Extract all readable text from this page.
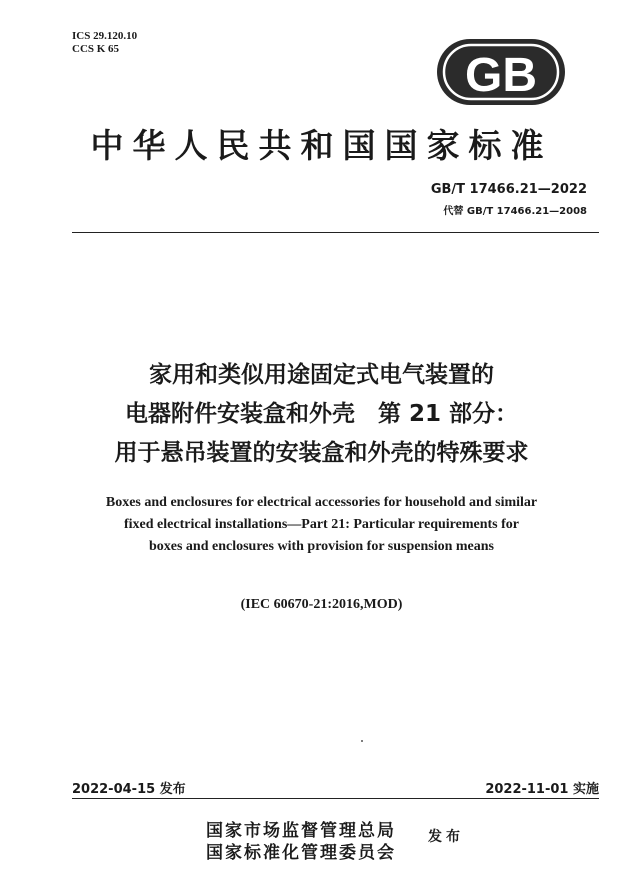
ICS 29.120.10
CCS K 65	GB
中华人民共和国国家标准
GB/T 17466.21—2022
代替 GB/T 17466.21—2008
家用和类似用途固定式电气装置的
电器附件安装盒和外壳　第 21 部分：
用于悬吊装置的安装盒和外壳的特殊要求
Boxes and enclosures for electrical accessories for household and similar
fixed electrical installations—Part 21: Particular requirements for
boxes and enclosures with provision for suspension means
(IEC 60670-21:2016,MOD)
2022-04-15 发布	2022-11-01 实施
国家市场监督管理总局
国家标准化管理委员会
发布
